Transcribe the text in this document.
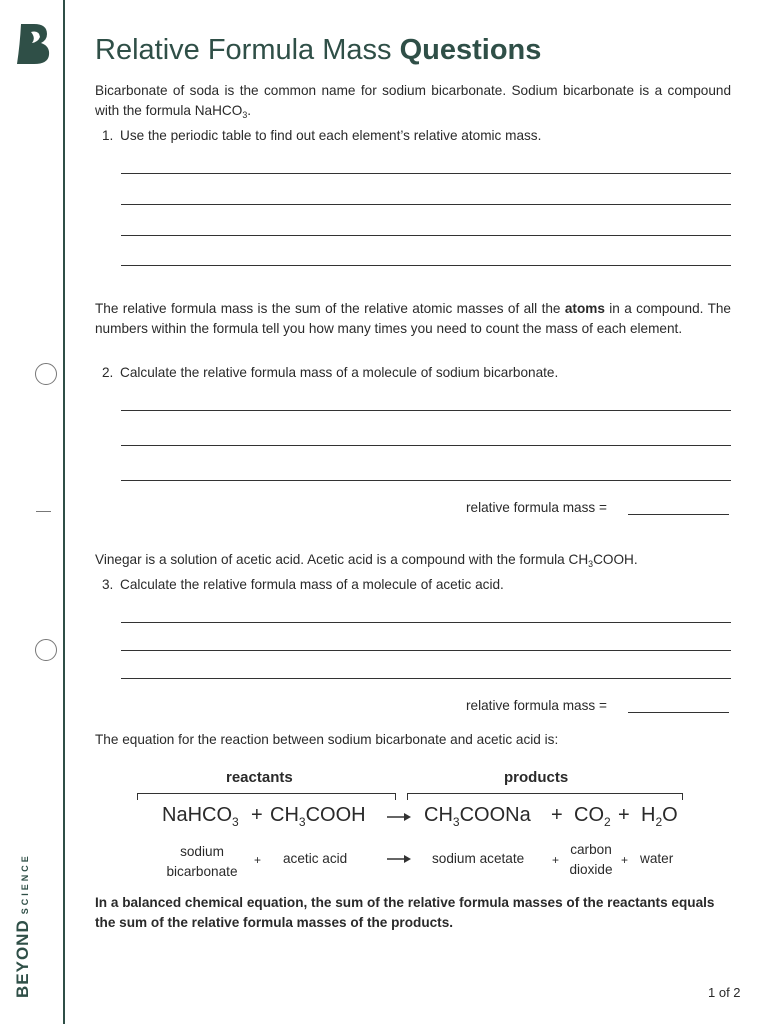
BEYONDSCIENCE
Relative Formula Mass Questions

Bicarbonate of soda is the common name for sodium bicarbonate. Sodium bicarbonate is a compound with the formula NaHCO$_3$.

1. Use the periodic table to find out each element’s relative atomic mass.

The relative formula mass is the sum of the relative atomic masses of all the atoms in a compound. The numbers within the formula tell you how many times you need to count the mass of each element.

2. Calculate the relative formula mass of a molecule of sodium bicarbonate.
relative formula mass =

Vinegar is a solution of acetic acid. Acetic acid is a compound with the formula $CH_3COOH$.

3. Calculate the relative formula mass of a molecule of acetic acid.
relative formula mass =

The equation for the reaction between sodium bicarbonate and acetic acid is:

reactants	products
NaHCO$_3$ + $CH_3COOH$ → $CH_3COONa + CO_2 + H_2O$
sodium
bicarbonate
+ acetic acid → sodium acetate +
carbon
dioxide
+ water

In a balanced chemical equation, the sum of the relative formula masses of the reactants equals the sum of the relative formula masses of the products.

1 of 2
